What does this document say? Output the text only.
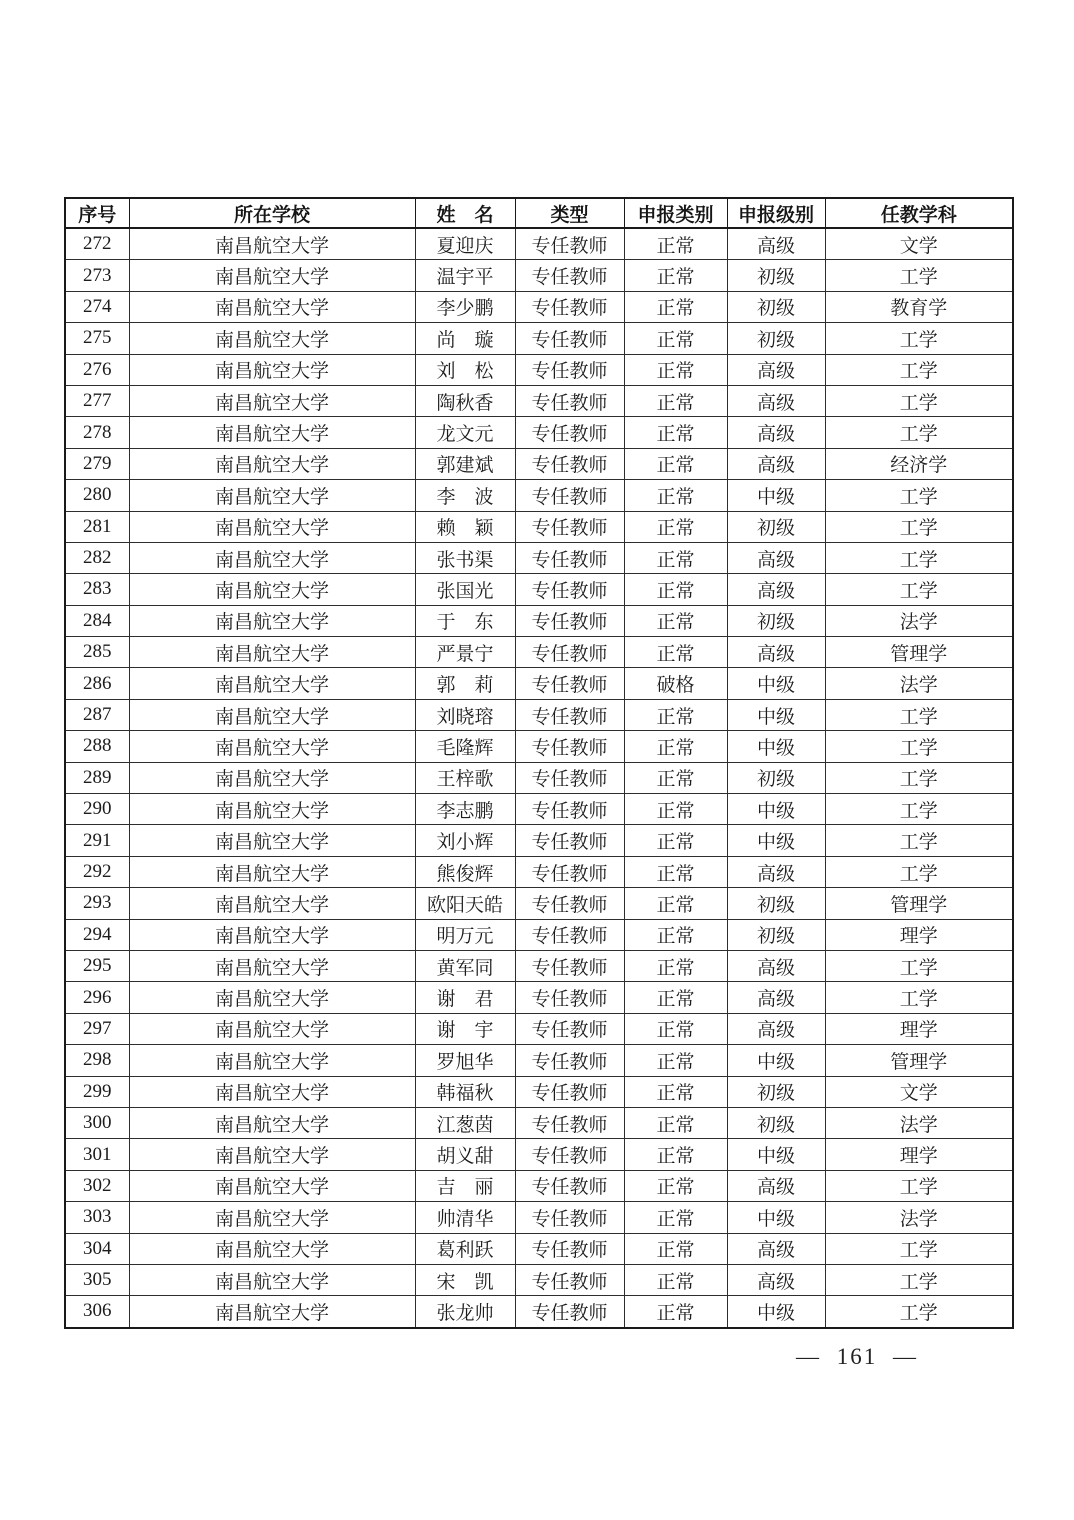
序号	所在学校	姓　名	类型	申报类别	申报级别	任教学科
272	南昌航空大学	夏迎庆	专任教师	正常	高级	文学
273	南昌航空大学	温宇平	专任教师	正常	初级	工学
274	南昌航空大学	李少鹏	专任教师	正常	初级	教育学
275	南昌航空大学	尚　璇	专任教师	正常	初级	工学
276	南昌航空大学	刘　松	专任教师	正常	高级	工学
277	南昌航空大学	陶秋香	专任教师	正常	高级	工学
278	南昌航空大学	龙文元	专任教师	正常	高级	工学
279	南昌航空大学	郭建斌	专任教师	正常	高级	经济学
280	南昌航空大学	李　波	专任教师	正常	中级	工学
281	南昌航空大学	赖　颖	专任教师	正常	初级	工学
282	南昌航空大学	张书渠	专任教师	正常	高级	工学
283	南昌航空大学	张国光	专任教师	正常	高级	工学
284	南昌航空大学	于　东	专任教师	正常	初级	法学
285	南昌航空大学	严景宁	专任教师	正常	高级	管理学
286	南昌航空大学	郭　莉	专任教师	破格	中级	法学
287	南昌航空大学	刘晓瑢	专任教师	正常	中级	工学
288	南昌航空大学	毛隆辉	专任教师	正常	中级	工学
289	南昌航空大学	王梓歌	专任教师	正常	初级	工学
290	南昌航空大学	李志鹏	专任教师	正常	中级	工学
291	南昌航空大学	刘小辉	专任教师	正常	中级	工学
292	南昌航空大学	熊俊辉	专任教师	正常	高级	工学
293	南昌航空大学	欧阳天皓	专任教师	正常	初级	管理学
294	南昌航空大学	明万元	专任教师	正常	初级	理学
295	南昌航空大学	黄军同	专任教师	正常	高级	工学
296	南昌航空大学	谢　君	专任教师	正常	高级	工学
297	南昌航空大学	谢　宇	专任教师	正常	高级	理学
298	南昌航空大学	罗旭华	专任教师	正常	中级	管理学
299	南昌航空大学	韩福秋	专任教师	正常	初级	文学
300	南昌航空大学	江葱茵	专任教师	正常	初级	法学
301	南昌航空大学	胡义甜	专任教师	正常	中级	理学
302	南昌航空大学	吉　丽	专任教师	正常	高级	工学
303	南昌航空大学	帅清华	专任教师	正常	中级	法学
304	南昌航空大学	葛利跃	专任教师	正常	高级	工学
305	南昌航空大学	宋　凯	专任教师	正常	高级	工学
306	南昌航空大学	张龙帅	专任教师	正常	中级	工学
— 161 —
